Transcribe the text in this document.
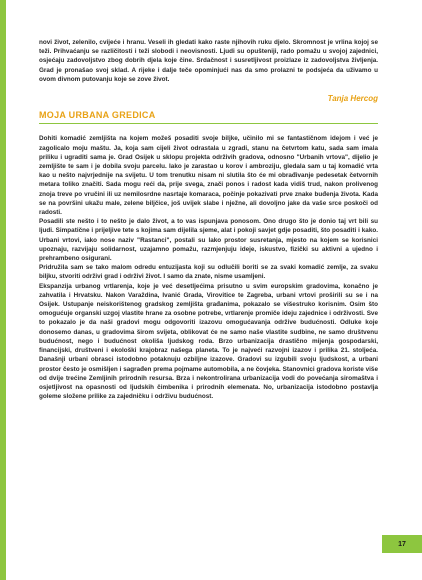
novi život, zelenilo, cvijeće i hranu. Veseli ih gledati kako raste njihovih ruku djelo. Skromnost je vrlina kojoj se teži. Prihvaćanju se različitosti i teži slobodi i neovisnosti. Ljudi su opušteniji, rado pomažu u svojoj zajednici, osjećaju zadovoljstvo zbog dobrih djela koje čine. Srdačnost i susretljivost proizlaze iz zadovoljstva življenja. Grad je pronašao svoj sklad. A rijeke i dalje teče opominjući nas da smo prolazni te podsjeća da uživamo u ovom divnom putovanju koje se zove život.

Tanja Hercog
MOJA URBANA GREDICA

Dohiti komadić zemljišta na kojem možeš posaditi svoje biljke, učinilo mi se fantastičnom idejom i već je zagolicalo moju maštu. Ja, koja sam cijeli život odrastala u zgradi, stanu na četvrtom katu, sada sam imala priliku i ugraditi sama je. Grad Osijek u sklopu projekta održivih gradova, odnosno "Urbanih vrtova", dijelio je zemljište te sam i je dobila svoju parcelu. Iako je zarastao u korov i ambroziju, gledala sam u taj komadić vrta kao u nešto najvrjednije na svijetu. U tom trenutku nisam ni slutila što će mi obrađivanje pedesetak četvornih metara toliko značiti. Sada mogu reći da, prije svega, znači ponos i radost kada vidiš trud, nakon prolivenog znoja treve po vručini ili uz nemilosrdne nasrtaje komaraca, počinje pokazivati prve znake buđenja života. Kada se na površini ukažu male, zelene biljčice, još uvijek slabe i nježne, ali dovoljno jake da vaše srce poskoči od radosti.

Posadili ste nešto i to nešto je dalo život, a to vas ispunjava ponosom. Ono drugo što je donio taj vrt bili su ljudi. Simpatične i prijeljive tete s kojima sam dijelila sjeme, alat i pokoji savjet gdje posaditi, što posaditi i kako. Urbani vrtovi, iako nose naziv "Rastanci", postali su lako prostor susretanja, mjesto na kojem se korisnici upoznaju, razvijaju solidarnost, uzajamno pomažu, razmjenjuju ideje, iskustvo, fizički su aktivni a ujedno i prehrambeno osigurani.

Pridružila sam se tako malom odredu entuzijasta koji su odlučili boriti se za svaki komadić zemlje, za svaku biljku, stvoriti održivi grad i održivi život. I samo da znate, nisme usamljeni.

Ekspanzija urbanog vrtlarenja, koje je već desetljećima prisutno u svim europskim gradovima, konačno je zahvatila i Hrvatsku. Nakon Varaždina, Ivanić Grada, Virovitice te Zagreba, urbani vrtovi proširili su se i na Osijek. Ustupanje neiskorištenog gradskog zemljišta građanima, pokazalo se višestruko korisnim. Osim što omogućuje organski uzgoj vlastite hrane za osobne potrebe, vrtlarenje promiče ideju zajednice i održivosti. Sve to pokazalo je da naši gradovi mogu odgovoriti izazovu omogućavanja održive budućnosti. Odluke koje donosemo danas, u gradovima širom svijeta, oblikovat će ne samo naše vlastite sudbine, ne samo društvenu budućnost, nego i budućnost okoliša ljudskog roda. Brzo urbanizacija drastično mijenja gospodarski, financijski, društveni i ekološki krajobraz našega planeta. To je najveći razvojni izazov i prilika 21. stoljeća. Današnji urbani obrasci istodobno potaknuju ozbiljne izazove. Gradovi su izgubili svoju ljudskost, a urbani prostor često je osmišljen i sagrađen prema pojmame automobila, a ne čovjeka. Stanovnici gradova koriste više od dvije trećine Zemljinih prirodnih resursa. Brza i nekontrolirana urbanizacija vodi do povećanja siromaštva i osjetljivost na opasnosti od ljudskih čimbenika i prirodnih elemenata. No, urbanizacija istodobno postavlja goleme složene prilike za zajedničku i održivu budućnost.

17
